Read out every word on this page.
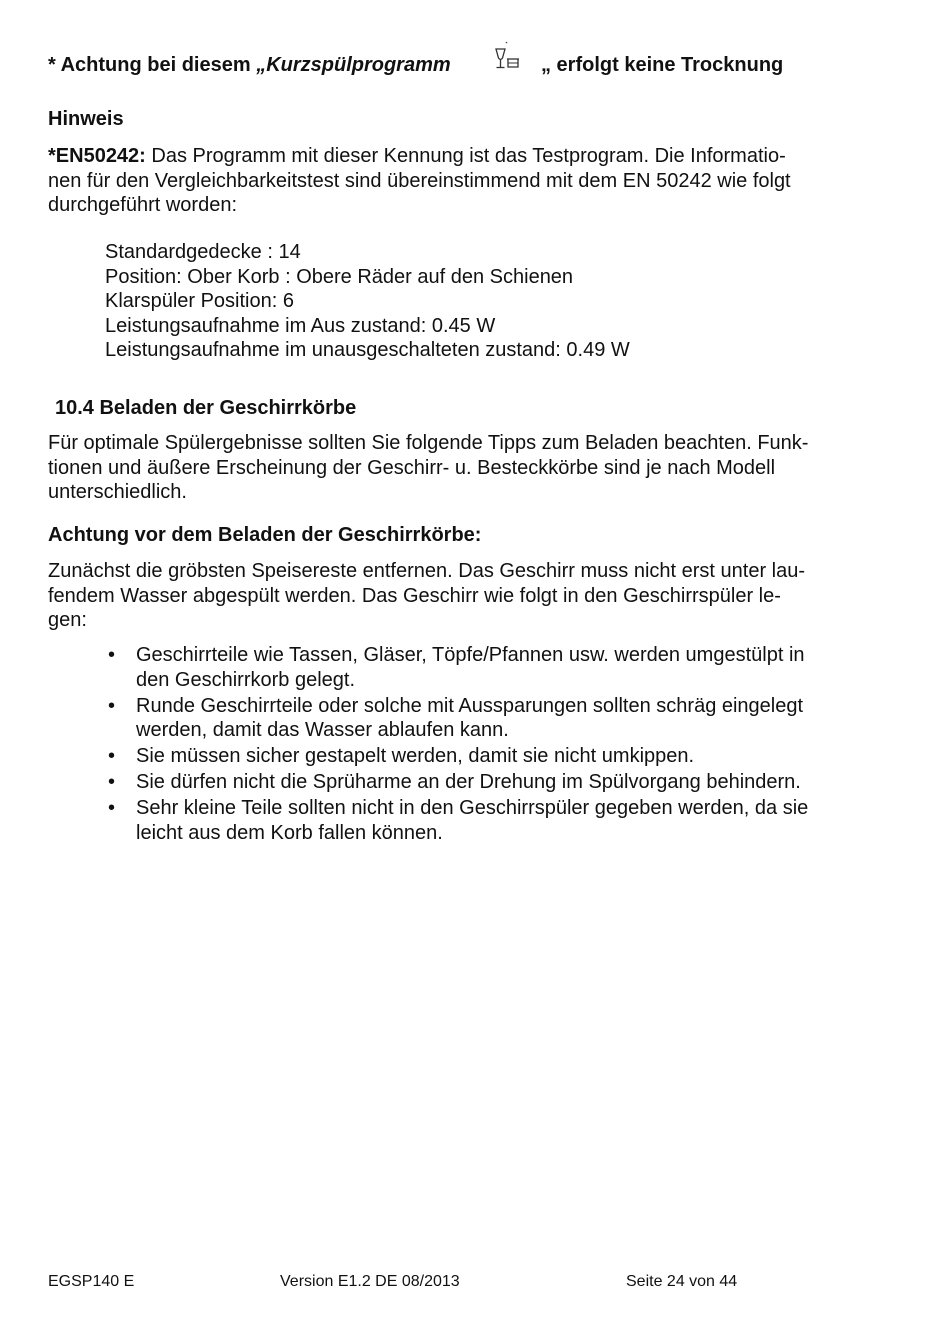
* Achtung bei diesem „Kurzspülprogramm	„ erfolgt keine Trocknung
Hinweis
*EN50242: Das Programm mit dieser Kennung ist das Testprogram. Die Informatio-
nen für den Vergleichbarkeitstest sind übereinstimmend mit dem EN 50242 wie folgt
durchgeführt worden:
Standardgedecke : 14
Position: Ober Korb : Obere Räder auf den Schienen
Klarspüler Position: 6
Leistungsaufnahme im Aus zustand: 0.45 W
Leistungsaufnahme im unausgeschalteten zustand: 0.49 W
10.4 Beladen der Geschirrkörbe
Für optimale Spülergebnisse sollten Sie folgende Tipps zum Beladen beachten. Funk-
tionen und äußere Erscheinung der Geschirr- u. Besteckkörbe sind je nach Modell
unterschiedlich.
Achtung vor dem Beladen der Geschirrkörbe:
Zunächst die gröbsten Speisereste entfernen. Das Geschirr muss nicht erst unter lau-
fendem Wasser abgespült werden. Das Geschirr wie folgt in den Geschirrspüler le-
gen:
• Geschirrteile wie Tassen, Gläser, Töpfe/Pfannen usw. werden umgestülpt in
den Geschirrkorb gelegt.
• Runde Geschirrteile oder solche mit Aussparungen sollten schräg eingelegt
werden, damit das Wasser ablaufen kann.
• Sie müssen sicher gestapelt werden, damit sie nicht umkippen.
• Sie dürfen nicht die Sprüharme an der Drehung im Spülvorgang behindern.
• Sehr kleine Teile sollten nicht in den Geschirrspüler gegeben werden, da sie
leicht aus dem Korb fallen können.
EGSP140 E	Version E1.2 DE 08/2013	Seite 24 von 44
